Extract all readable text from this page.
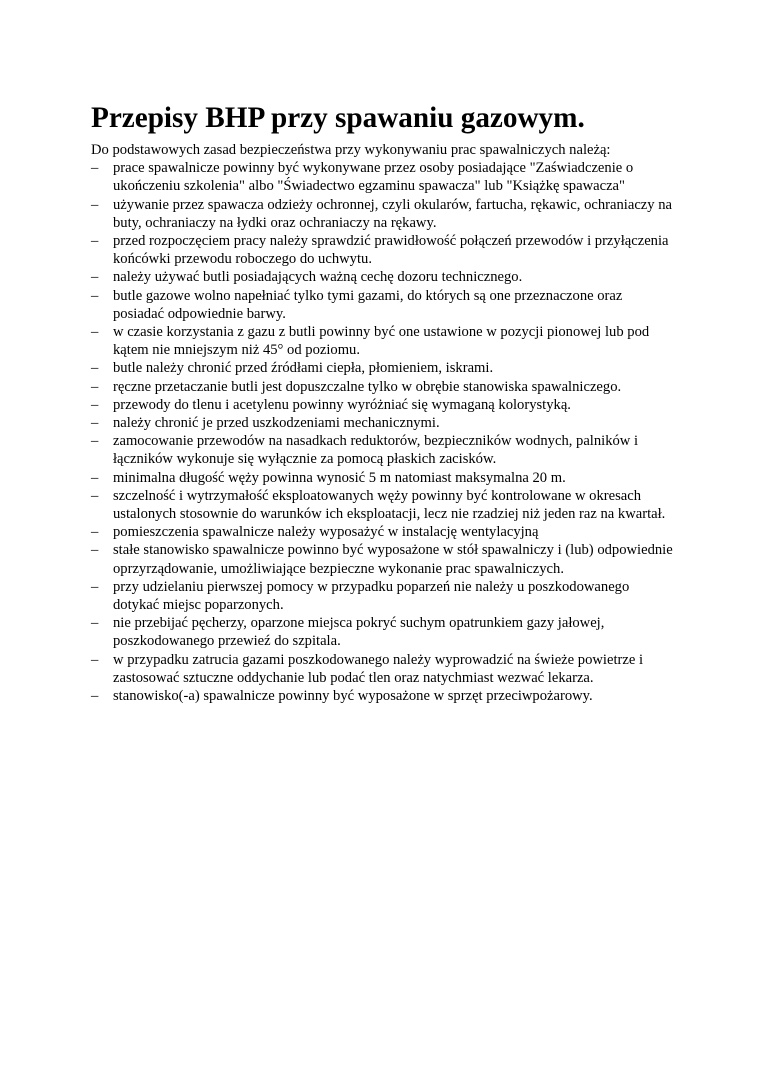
Przepisy BHP przy spawaniu gazowym.

Do podstawowych zasad bezpieczeństwa przy wykonywaniu prac spawalniczych należą:

– prace spawalnicze powinny być wykonywane przez osoby posiadające "Zaświadczenie o ukończeniu szkolenia" albo "Świadectwo egzaminu spawacza" lub "Książkę spawacza"
– używanie przez spawacza odzieży ochronnej, czyli okularów, fartucha, rękawic, ochraniaczy na buty, ochraniaczy na łydki oraz ochraniaczy na rękawy.
– przed rozpoczęciem pracy należy sprawdzić prawidłowość połączeń przewodów i przyłączenia końcówki przewodu roboczego do uchwytu.
– należy używać butli posiadających ważną cechę dozoru technicznego.
– butle gazowe wolno napełniać tylko tymi gazami, do których są one przeznaczone oraz posiadać odpowiednie barwy.
– w czasie korzystania z gazu z butli powinny być one ustawione w pozycji pionowej lub pod kątem nie mniejszym niż 45° od poziomu.
– butle należy chronić przed źródłami ciepła, płomieniem, iskrami.
– ręczne przetaczanie butli jest dopuszczalne tylko w obrębie stanowiska spawalniczego.
– przewody do tlenu i acetylenu powinny wyróżniać się wymaganą kolorystyką.
– należy chronić je przed uszkodzeniami mechanicznymi.
– zamocowanie przewodów na nasadkach reduktorów, bezpieczników wodnych, palników i łączników wykonuje się wyłącznie za pomocą płaskich zacisków.
– minimalna długość węży powinna wynosić 5 m natomiast maksymalna 20 m.
– szczelność i wytrzymałość eksploatowanych węży powinny być kontrolowane w okresach ustalonych stosownie do warunków ich eksploatacji, lecz nie rzadziej niż jeden raz na kwartał.
– pomieszczenia spawalnicze należy wyposażyć w instalację wentylacyjną
– stałe stanowisko spawalnicze powinno być wyposażone w stół spawalniczy i (lub) odpowiednie oprzyrządowanie, umożliwiające bezpieczne wykonanie prac spawalniczych.
– przy udzielaniu pierwszej pomocy w przypadku poparzeń nie należy u poszkodowanego dotykać miejsc poparzonych.
– nie przebijać pęcherzy, oparzone miejsca pokryć suchym opatrunkiem gazy jałowej, poszkodowanego przewieź do szpitala.
– w przypadku zatrucia gazami poszkodowanego należy wyprowadzić na świeże powietrze i zastosować sztuczne oddychanie lub podać tlen oraz natychmiast wezwać lekarza.
– stanowisko(-a) spawalnicze powinny być wyposażone w sprzęt przeciwpożarowy.
